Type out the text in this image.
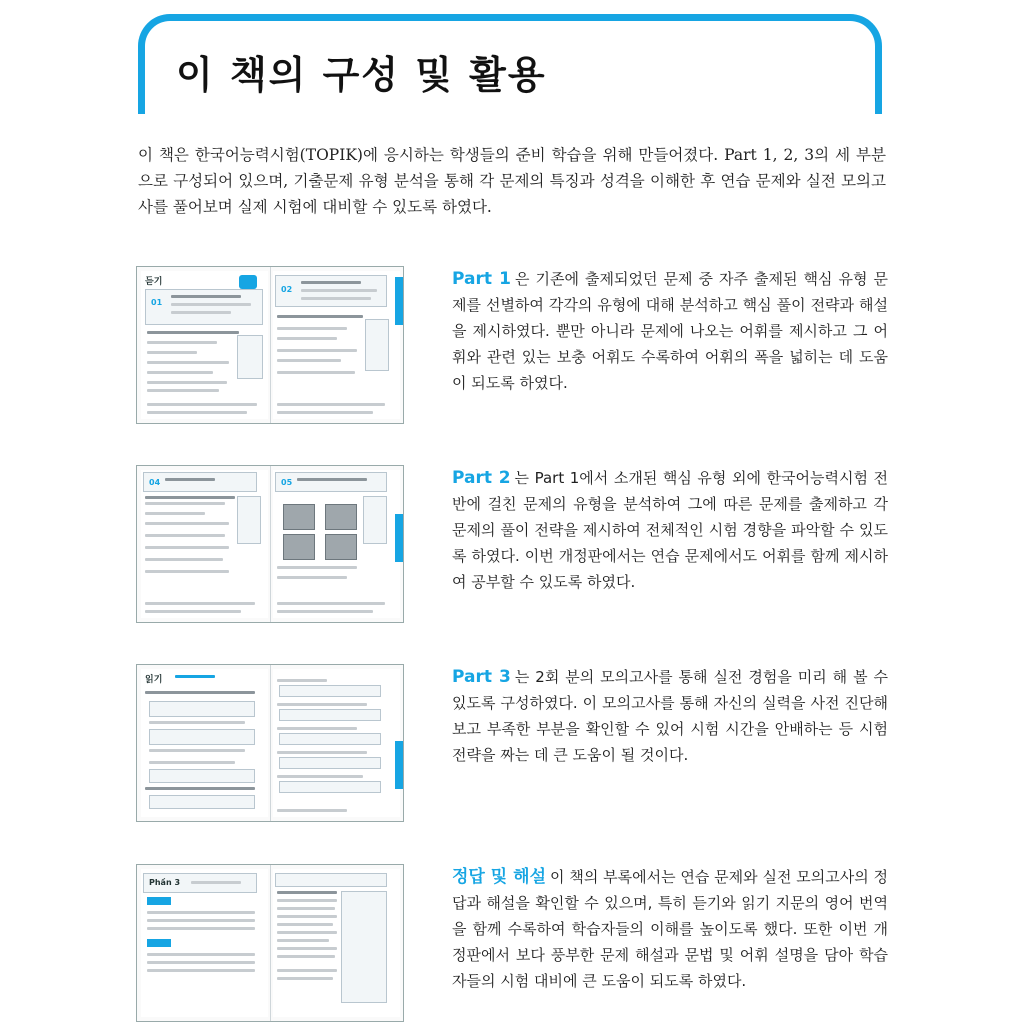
이 책의 구성 및 활용

이 책은 한국어능력시험(TOPIK)에 응시하는 학생들의 준비 학습을 위해 만들어졌다. Part 1, 2, 3의 세 부분으로 구성되어 있으며, 기출문제 유형 분석을 통해 각 문제의 특징과 성격을 이해한 후 연습 문제와 실전 모의고사를 풀어보며 실제 시험에 대비할 수 있도록 하였다.

듣기
01
02

Part 1 은 기존에 출제되었던 문제 중 자주 출제된 핵심 유형 문제를 선별하여 각각의 유형에 대해 분석하고 핵심 풀이 전략과 해설을 제시하였다. 뿐만 아니라 문제에 나오는 어휘를 제시하고 그 어휘와 관련 있는 보충 어휘도 수록하여 어휘의 폭을 넓히는 데 도움이 되도록 하였다.

04	05	Part 2 는 Part 1에서 소개된 핵심 유형 외에 한국어능력시험 전반에 걸친 문제의 유형을 분석하여 그에 따른 문제를 출제하고 각 문제의 풀이 전략을 제시하여 전체적인 시험 경향을 파악할 수 있도록 하였다. 이번 개정판에서는 연습 문제에서도 어휘를 함께 제시하여 공부할 수 있도록 하였다.

읽기	Part 3 는 2회 분의 모의고사를 통해 실전 경험을 미리 해 볼 수 있도록 구성하였다. 이 모의고사를 통해 자신의 실력을 사전 진단해 보고 부족한 부분을 확인할 수 있어 시험 시간을 안배하는 등 시험 전략을 짜는 데 큰 도움이 될 것이다.

Phần 3	정답 및 해설 이 책의 부록에서는 연습 문제와 실전 모의고사의 정답과 해설을 확인할 수 있으며, 특히 듣기와 읽기 지문의 영어 번역을 함께 수록하여 학습자들의 이해를 높이도록 했다. 또한 이번 개정판에서 보다 풍부한 문제 해설과 문법 및 어휘 설명을 담아 학습자들의 시험 대비에 큰 도움이 되도록 하였다.
